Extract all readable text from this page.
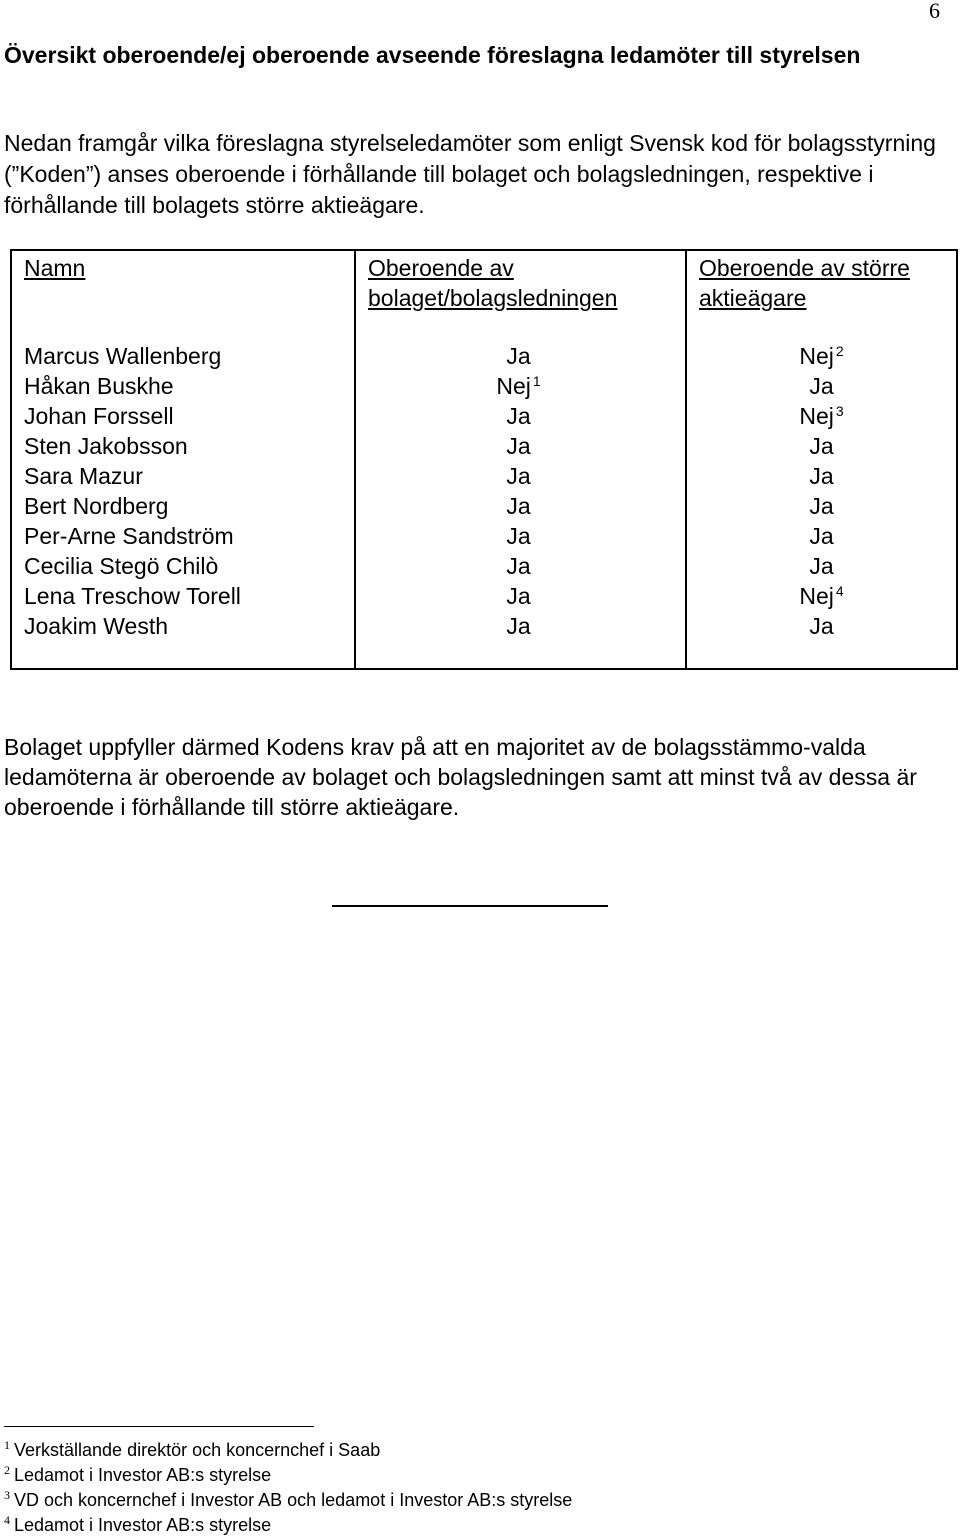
6
Översikt oberoende/ej oberoende avseende föreslagna ledamöter till styrelsen

Nedan framgår vilka föreslagna styrelseledamöter som enligt Svensk kod för bolagsstyrning (”Koden”) anses oberoende i förhållande till bolaget och bolagsledningen, respektive i förhållande till bolagets större aktieägare.

Namn
Marcus Wallenberg
Håkan Buskhe
Johan Forssell
Sten Jakobsson
Sara Mazur
Bert Nordberg
Per-Arne Sandström
Cecilia Stegö Chilò
Lena Treschow Torell
Joakim Westh
Oberoende av bolaget/bolagsledningen
Ja
Nej $^1$
Ja
Ja
Ja
Ja
Ja
Ja
Ja
Ja
Oberoende av större aktieägare
Nej $^2$
Ja
Nej $^3$
Ja
Ja
Ja
Ja
Ja
Nej $^4$
Ja

Bolaget uppfyller därmed Kodens krav på att en majoritet av de bolagsstämmo-valda ledamöterna är oberoende av bolaget och bolagsledningen samt att minst två av dessa är oberoende i förhållande till större aktieägare.

$^1$ Verkställande direktör och koncernchef i Saab
$^2$ Ledamot i Investor AB:s styrelse
$^3$ VD och koncernchef i Investor AB och ledamot i Investor AB:s styrelse
$^4$ Ledamot i Investor AB:s styrelse
